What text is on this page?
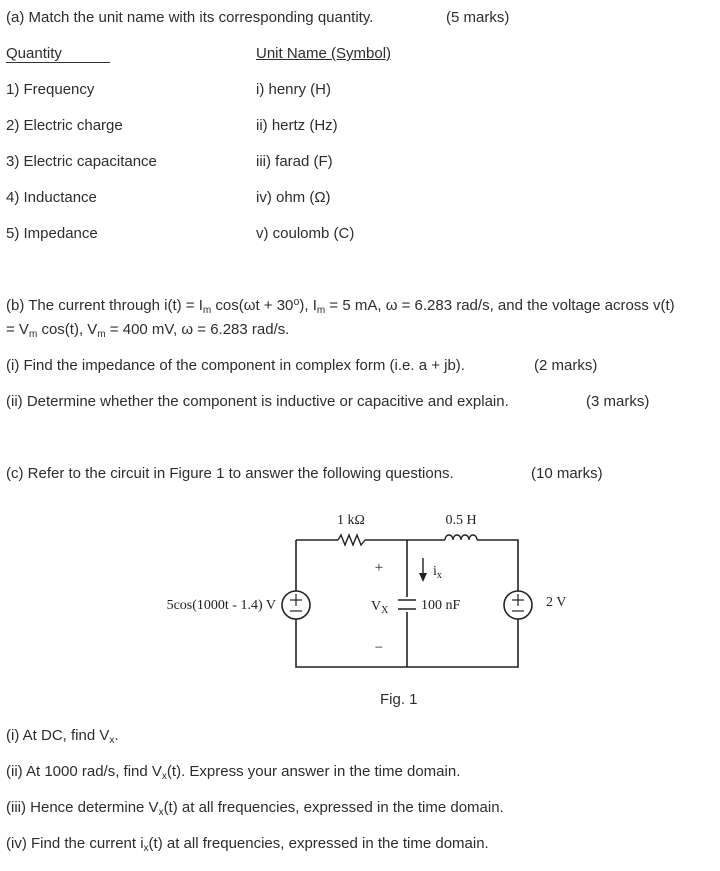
(a) Match the unit name with its corresponding quantity.	(5 marks)
Quantity	Unit Name (Symbol)
1) Frequency	i) henry (H)
2) Electric charge	ii) hertz (Hz)
3) Electric capacitance	iii) farad (F)
4) Inductance	iv) ohm (Ω)
5) Impedance	v) coulomb (C)
(b) The current through $i(t) = I_m$ cos(ωt + 30⁰), $I_m = 5$ mA, ω = 6.283 rad/s, and the voltage across v(t)
= $V_m$ cos(t), $V_m = 400$ mV, ω = 6.283 rad/s.
(i) Find the impedance of the component in complex form (i.e. a + jb).	(2 marks)
(ii) Determine whether the component is inductive or capacitive and explain.	(3 marks)
(c) Refer to the circuit in Figure 1 to answer the following questions.	(10 marks)
1 kΩ	0.5 H
5cos(1000t - 1.4) V	2 V
100 nF
+
−
$V_X$
$i_x$
Fig. 1
(i) At DC, find $V_x$.
(ii) At 1000 rad/s, find $V_x(t)$. Express your answer in the time domain.
(iii) Hence determine $V_x(t)$ at all frequencies, expressed in the time domain.
(iv) Find the current $i_x(t)$ at all frequencies, expressed in the time domain.
